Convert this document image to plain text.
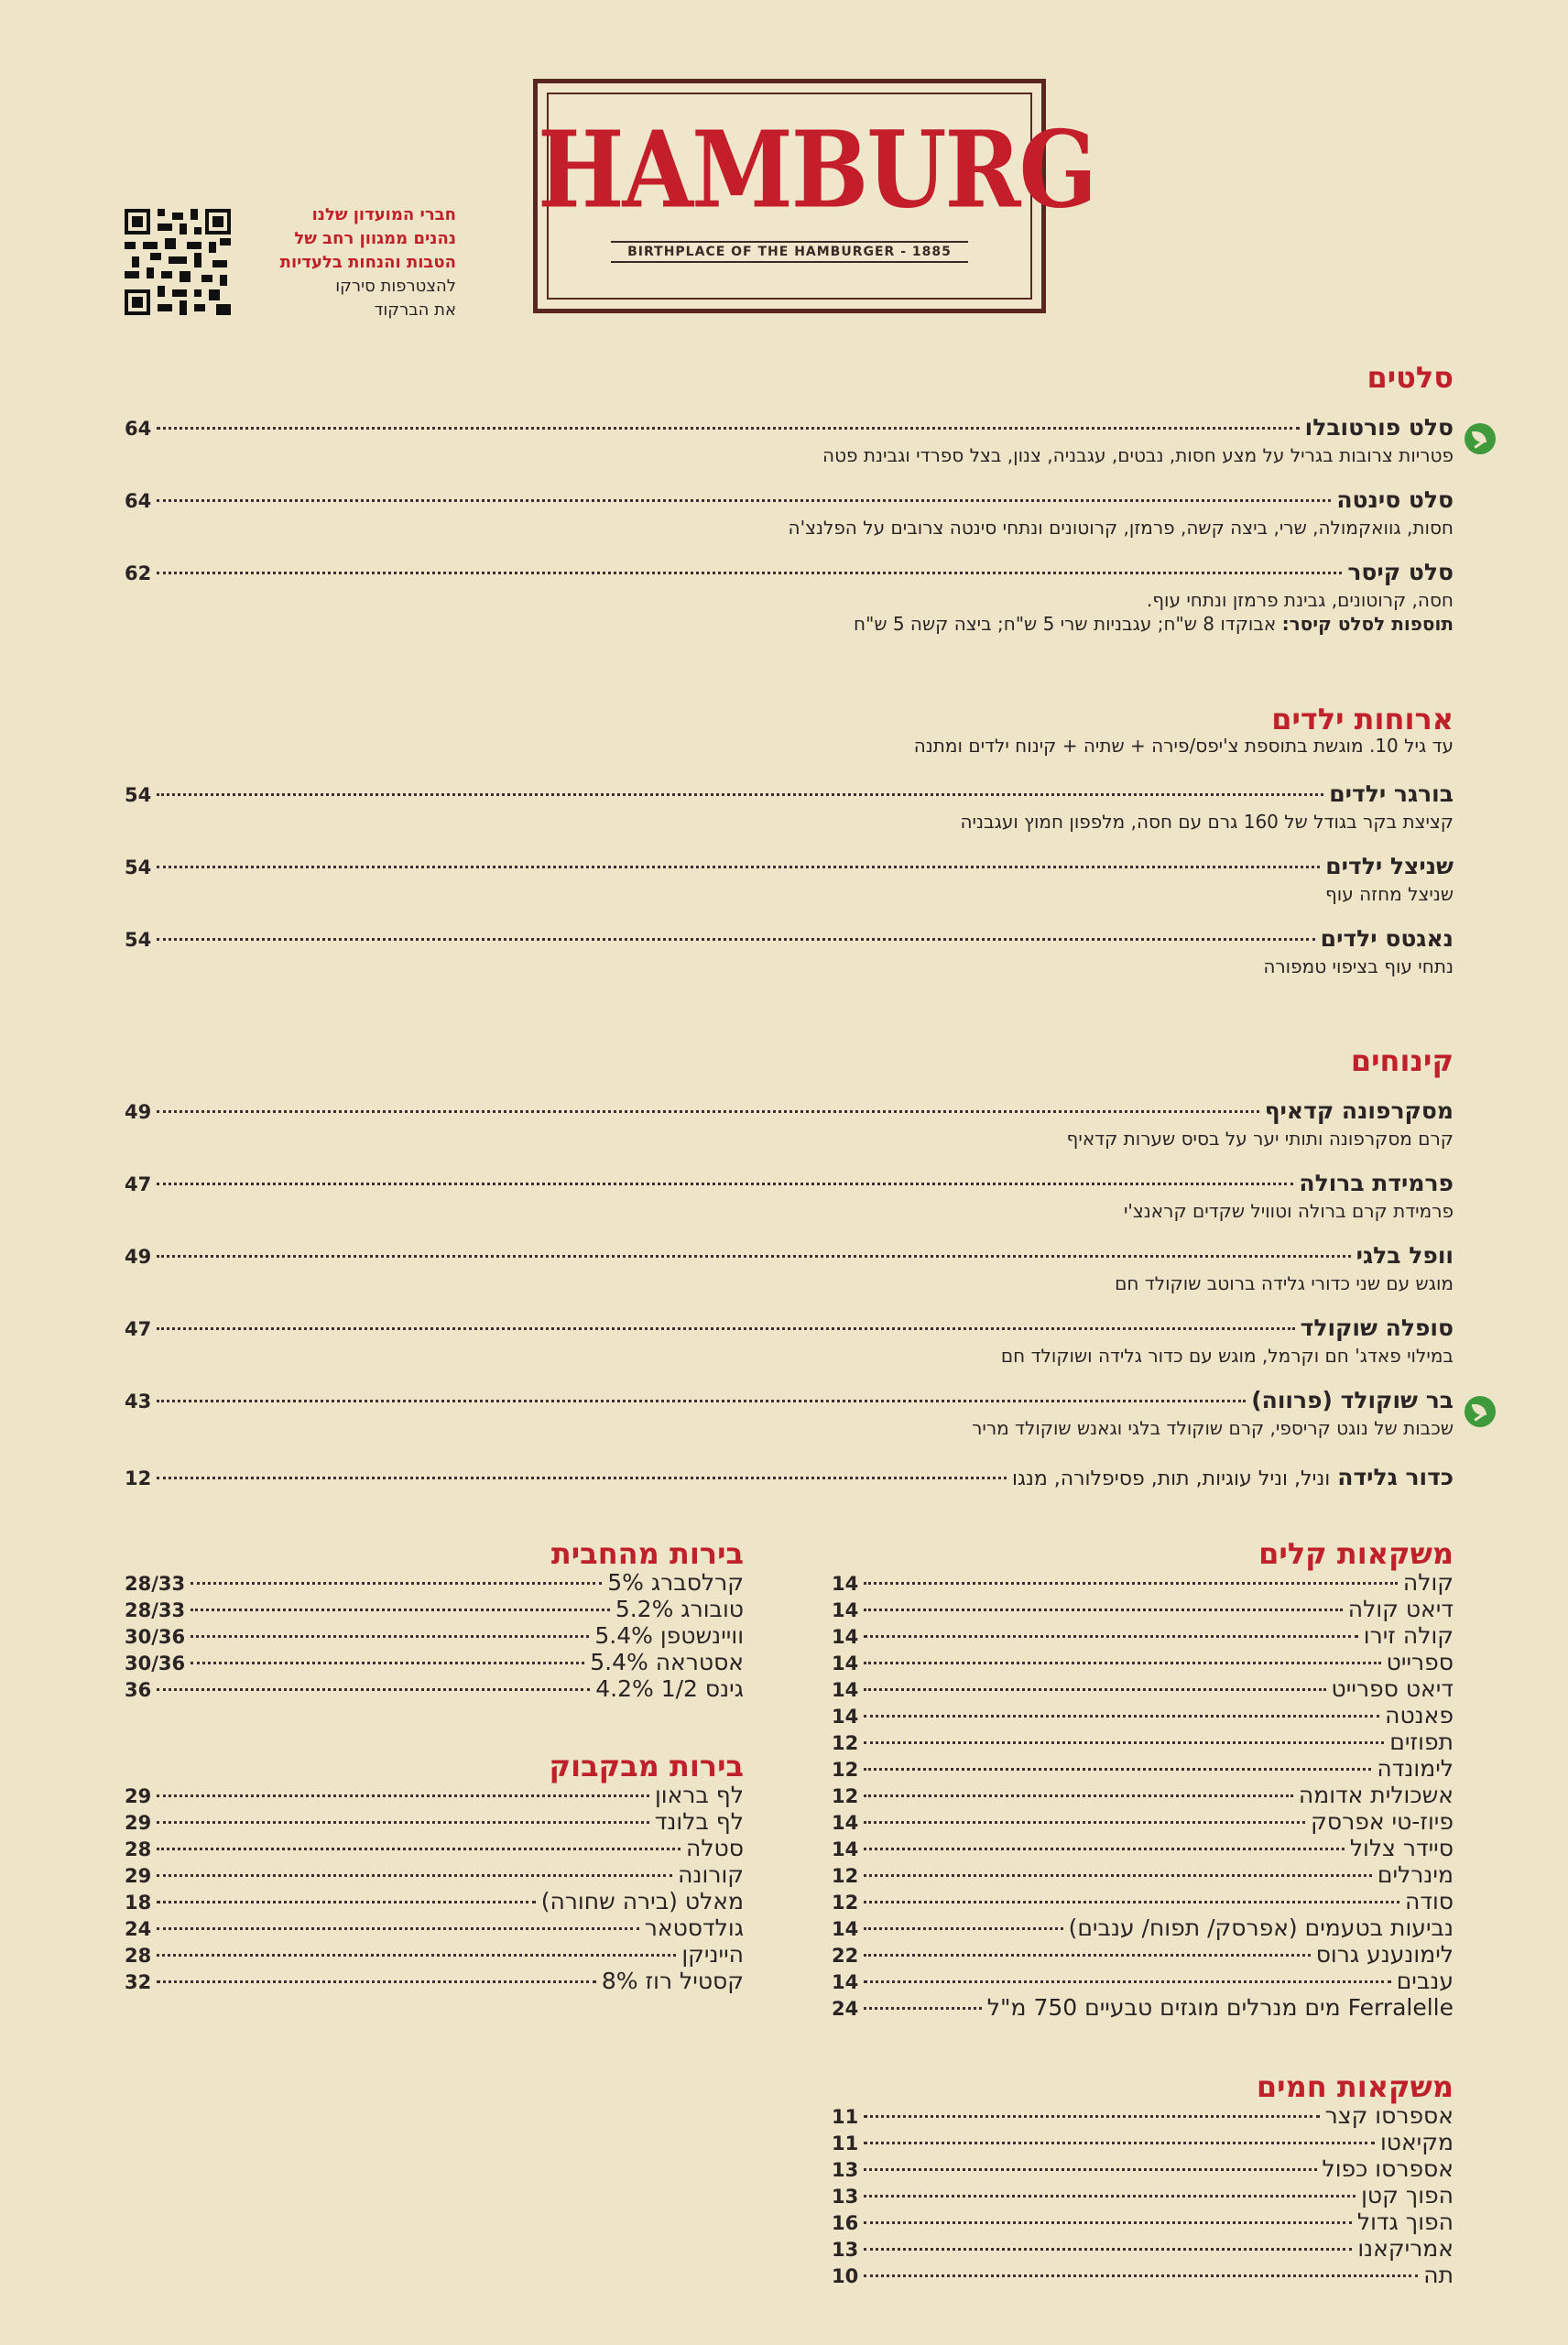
HAMBURG
BIRTHPLACE OF THE HAMBURGER - 1885
חברי המועדון שלנו
נהנים ממגוון רחב של
הטבות והנחות בלעדיות
להצטרפות סירקו
את הברקוד
סלטים
סלט פורטובלו
64
פטריות צרובות בגריל על מצע חסות, נבטים, עגבניה, צנון, בצל ספרדי וגבינת פטה
סלט סינטה
64
חסות, גוואקמולה, שרי, ביצה קשה, פרמזן, קרוטונים ונתחי סינטה צרובים על הפלנצ'ה
סלט קיסר
62
חסה, קרוטונים, גבינת פרמזן ונתחי עוף.
תוספות לסלט קיסר: אבוקדו 8 ש"ח; עגבניות שרי 5 ש"ח; ביצה קשה 5 ש"ח
ארוחות ילדים
עד גיל 10. מוגשת בתוספת צ'יפס/פירה + שתיה + קינוח ילדים ומתנה
בורגר ילדים
54
קציצת בקר בגודל של 160 גרם עם חסה, מלפפון חמוץ ועגבניה
שניצל ילדים
54
שניצל מחזה עוף
נאגטס ילדים
54
נתחי עוף בציפוי טמפורה
קינוחים
מסקרפונה קדאיף
49
קרם מסקרפונה ותותי יער על בסיס שערות קדאיף
פרמידת ברולה
47
פרמידת קרם ברולה וטוויל שקדים קראנצ'י
וופל בלגי
49
מוגש עם שני כדורי גלידה ברוטב שוקולד חם
סופלה שוקולד
47
במילוי פאדג' חם וקרמל, מוגש עם כדור גלידה ושוקולד חם
בר שוקולד (פרווה)
43
שכבות של נוגט קריספי, קרם שוקולד בלגי וגאנש שוקולד מריר
כדור גלידה
וניל, וניל עוגיות, תות, פסיפלורה, מנגו
12
משקאות קלים
קולה
14
דיאט קולה
14
קולה זירו
14
ספרייט
14
דיאט ספרייט
14
פאנטה
14
תפוזים
12
לימונדה
12
אשכולית אדומה
12
פיוז-טי אפרסק
14
סיידר צלול
14
מינרלים
12
סודה
12
נביעות בטעמים (אפרסק/ תפוח/ ענבים)
14
לימונענע גרוס
22
ענבים
14
Ferralelle מים מנרלים מוגזים טבעיים 750 מ"ל
24
משקאות חמים
אספרסו קצר
11
מקיאטו
11
אספרסו כפול
13
הפוך קטן
13
הפוך גדול
16
אמריקאנו
13
תה
10
בירות מהחבית
קרלסברג 5%
28/33
טובורג 5.2%
28/33
וויינשטפן 5.4%
30/36
אסטראה 5.4%
30/36
גינס 1/2 4.2%
36
בירות מבקבוק
לף בראון
29
לף בלונד
29
סטלה
28
קורונה
29
מאלט (בירה שחורה)
18
גולדסטאר
24
הייניקן
28
קסטיל רוז 8%
32
